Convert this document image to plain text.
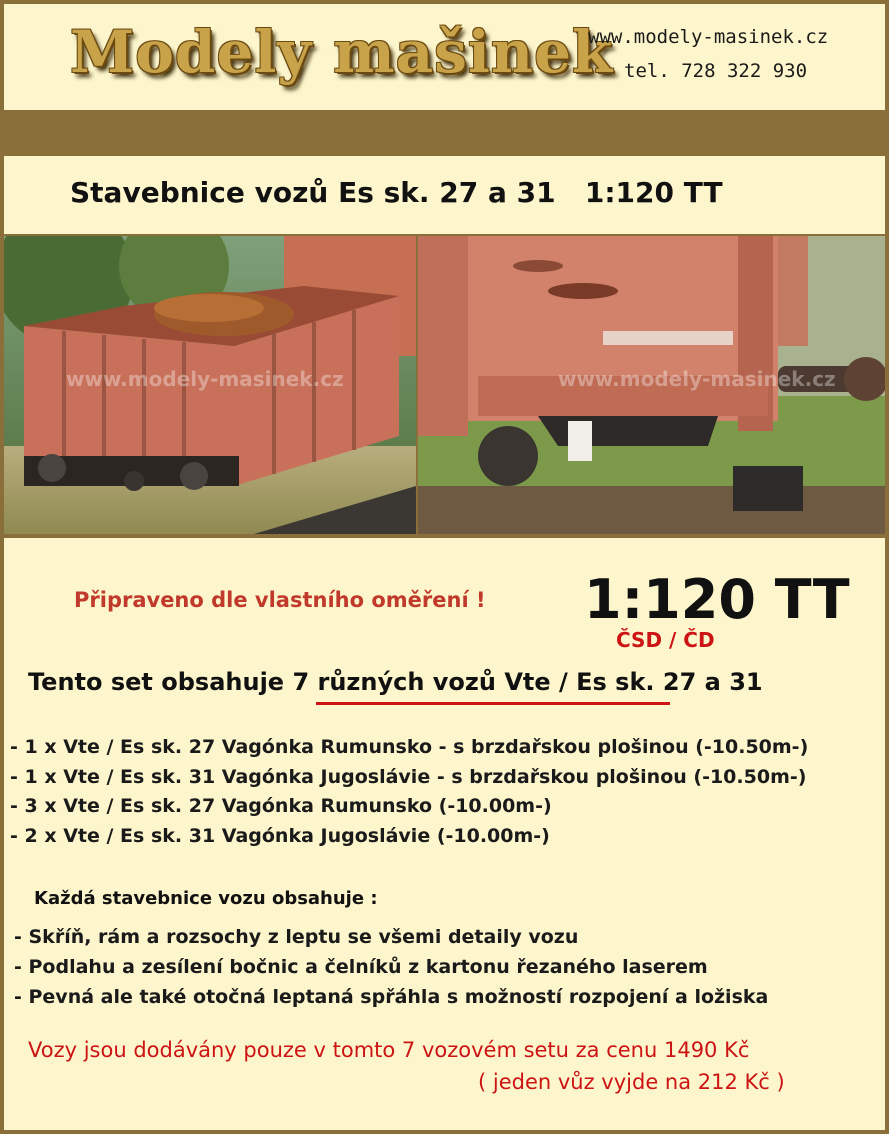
Modely mašinek
www.modely-masinek.cz
tel. 728 322 930
Stavebnice vozů Es sk. 27 a 31   1:120 TT
www.modely-masinek.cz	www.modely-masinek.cz
Připraveno dle vlastního oměření ! 1:120 TT
ČSD / ČD
Tento set obsahuje 7 různých vozů Vte / Es sk. 27 a 31
- 1 x Vte / Es sk. 27 Vagónka Rumunsko - s brzdařskou plošinou (-10.50m-)
- 1 x Vte / Es sk. 31 Vagónka Jugoslávie - s brzdařskou plošinou (-10.50m-)
- 3 x Vte / Es sk. 27 Vagónka Rumunsko (-10.00m-)
- 2 x Vte / Es sk. 31 Vagónka Jugoslávie (-10.00m-)
Každá stavebnice vozu obsahuje :
- Skříň, rám a rozsochy z leptu se všemi detaily vozu
- Podlahu a zesílení bočnic a čelníků z kartonu řezaného laserem
- Pevná ale také otočná leptaná spřáhla s možností rozpojení a ložiska
Vozy jsou dodávány pouze v tomto 7 vozovém setu za cenu 1490 Kč
( jeden vůz vyjde na 212 Kč )
